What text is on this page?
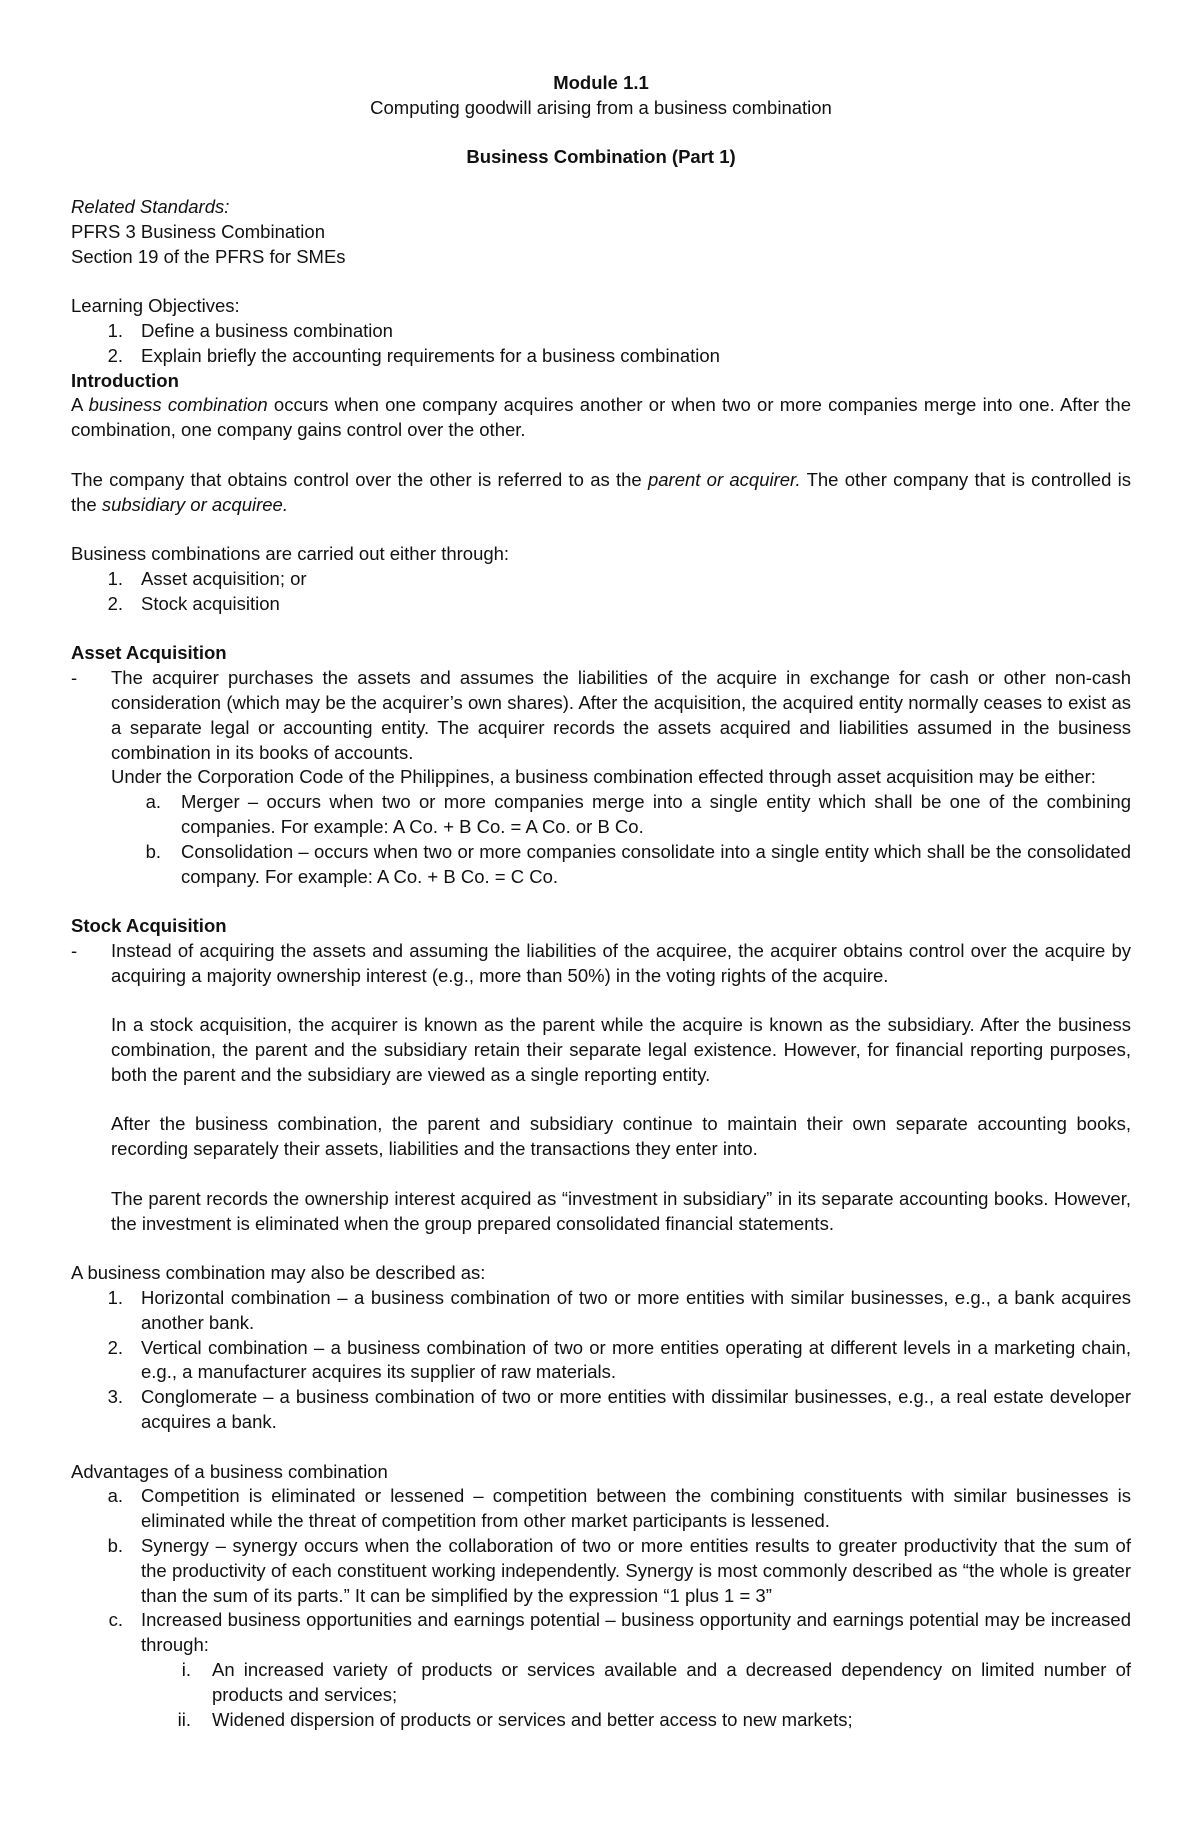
Module 1.1

Computing goodwill arising from a business combination

Business Combination (Part 1)

Related Standards:

PFRS 3 Business Combination

Section 19 of the PFRS for SMEs

Learning Objectives:

1. Define a business combination
2. Explain briefly the accounting requirements for a business combination

Introduction

A business combination occurs when one company acquires another or when two or more companies merge into one. After the combination, one company gains control over the other.

The company that obtains control over the other is referred to as the parent or acquirer. The other company that is controlled is the subsidiary or acquiree.

Business combinations are carried out either through:

1. Asset acquisition; or
2. Stock acquisition

Asset Acquisition

-	The acquirer purchases the assets and assumes the liabilities of the acquire in exchange for cash or other non-cash consideration (which may be the acquirer’s own shares). After the acquisition, the acquired entity normally ceases to exist as a separate legal or accounting entity. The acquirer records the assets acquired and liabilities assumed in the business combination in its books of accounts.
Under the Corporation Code of the Philippines, a business combination effected through asset acquisition may be either:
a. Merger – occurs when two or more companies merge into a single entity which shall be one of the combining companies. For example: A Co. + B Co. = A Co. or B Co.
b. Consolidation – occurs when two or more companies consolidate into a single entity which shall be the consolidated company. For example: A Co. + B Co. = C Co.

Stock Acquisition

-	Instead of acquiring the assets and assuming the liabilities of the acquiree, the acquirer obtains control over the acquire by acquiring a majority ownership interest (e.g., more than 50%) in the voting rights of the acquire.
In a stock acquisition, the acquirer is known as the parent while the acquire is known as the subsidiary. After the business combination, the parent and the subsidiary retain their separate legal existence. However, for financial reporting purposes, both the parent and the subsidiary are viewed as a single reporting entity.
After the business combination, the parent and subsidiary continue to maintain their own separate accounting books, recording separately their assets, liabilities and the transactions they enter into.
The parent records the ownership interest acquired as “investment in subsidiary” in its separate accounting books. However, the investment is eliminated when the group prepared consolidated financial statements.

A business combination may also be described as:

1. Horizontal combination – a business combination of two or more entities with similar businesses, e.g., a bank acquires another bank.
2. Vertical combination – a business combination of two or more entities operating at different levels in a marketing chain, e.g., a manufacturer acquires its supplier of raw materials.
3. Conglomerate – a business combination of two or more entities with dissimilar businesses, e.g., a real estate developer acquires a bank.

Advantages of a business combination

a. Competition is eliminated or lessened – competition between the combining constituents with similar businesses is eliminated while the threat of competition from other market participants is lessened.
b. Synergy – synergy occurs when the collaboration of two or more entities results to greater productivity that the sum of the productivity of each constituent working independently. Synergy is most commonly described as “the whole is greater than the sum of its parts.” It can be simplified by the expression “1 plus 1 = 3”
c. Increased business opportunities and earnings potential – business opportunity and earnings potential may be increased through:
i. An increased variety of products or services available and a decreased dependency on limited number of products and services;
ii. Widened dispersion of products or services and better access to new markets;
